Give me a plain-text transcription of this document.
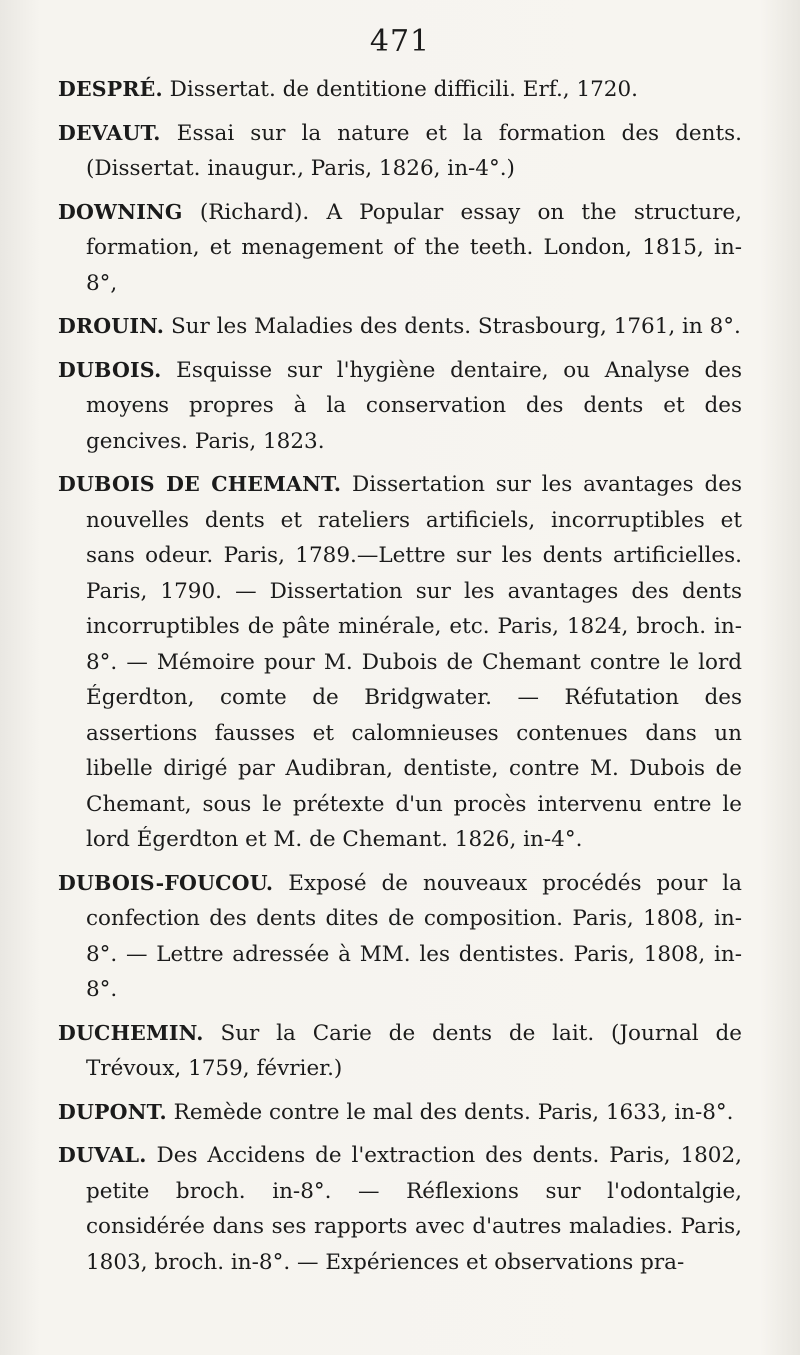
471

DESPRÉ. Dissertat. de dentitione difficili. Erf., 1720.

DEVAUT. Essai sur la nature et la formation des dents. (Dissertat. inaugur., Paris, 1826, in-4°.)

DOWNING (Richard). A Popular essay on the structure, formation, et menagement of the teeth. London, 1815, in-8°,

DROUIN. Sur les Maladies des dents. Strasbourg, 1761, in 8°.

DUBOIS. Esquisse sur l'hygiène dentaire, ou Analyse des moyens propres à la conservation des dents et des gencives. Paris, 1823.

DUBOIS DE CHEMANT. Dissertation sur les avantages des nouvelles dents et rateliers artificiels, incorruptibles et sans odeur. Paris, 1789.—Lettre sur les dents artificielles. Paris, 1790. — Dissertation sur les avantages des dents incorruptibles de pâte minérale, etc. Paris, 1824, broch. in-8°. — Mémoire pour M. Dubois de Chemant contre le lord Égerdton, comte de Bridgwater. — Réfutation des assertions fausses et calomnieuses contenues dans un libelle dirigé par Audibran, dentiste, contre M. Dubois de Chemant, sous le prétexte d'un procès intervenu entre le lord Égerdton et M. de Chemant. 1826, in-4°.

DUBOIS-FOUCOU. Exposé de nouveaux procédés pour la confection des dents dites de composition. Paris, 1808, in-8°. — Lettre adressée à MM. les dentistes. Paris, 1808, in-8°.

DUCHEMIN. Sur la Carie de dents de lait. (Journal de Trévoux, 1759, février.)

DUPONT. Remède contre le mal des dents. Paris, 1633, in-8°.

DUVAL. Des Accidens de l'extraction des dents. Paris, 1802, petite broch. in-8°. — Réflexions sur l'odontalgie, considérée dans ses rapports avec d'autres maladies. Paris, 1803, broch. in-8°. — Expériences et observations pra-
